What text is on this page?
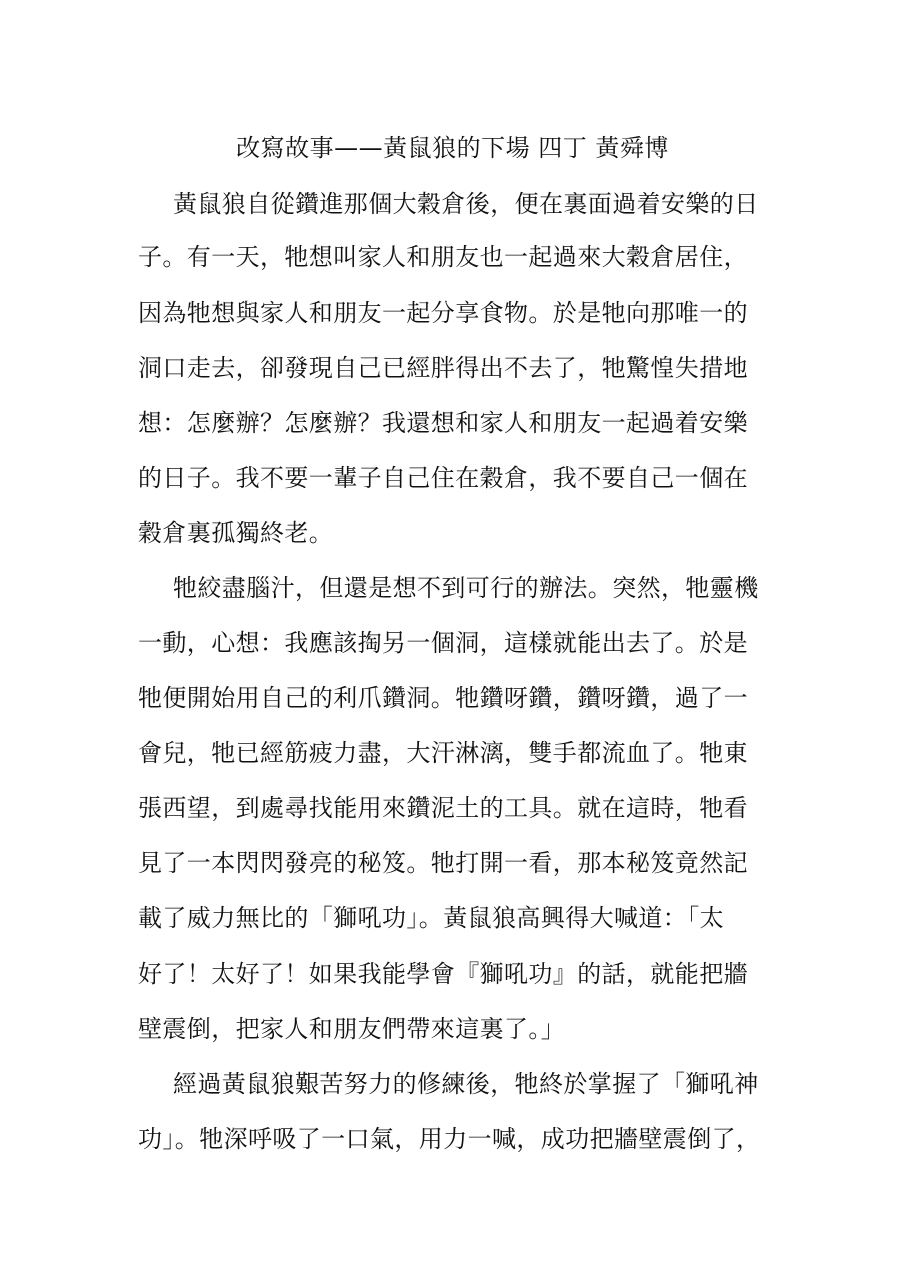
改寫故事——黃鼠狼的下場 四丁 黃舜博
黃鼠狼自從鑽進那個大穀倉後，便在裏面過着安樂的日
子。有一天，牠想叫家人和朋友也一起過來大穀倉居住，
因為牠想與家人和朋友一起分享食物。於是牠向那唯一的
洞口走去，卻發現自己已經胖得出不去了，牠驚惶失措地
想：怎麼辦？怎麼辦？我還想和家人和朋友一起過着安樂
的日子。我不要一輩子自己住在穀倉，我不要自己一個在
穀倉裏孤獨終老。
牠絞盡腦汁，但還是想不到可行的辦法。突然，牠靈機
一動，心想：我應該掏另一個洞，這樣就能出去了。於是
牠便開始用自己的利爪鑽洞。牠鑽呀鑽，鑽呀鑽，過了一
會兒，牠已經筋疲力盡，大汗淋漓，雙手都流血了。牠東
張西望，到處尋找能用來鑽泥土的工具。就在這時，牠看
見了一本閃閃發亮的秘笈。牠打開一看，那本秘笈竟然記
載了威力無比的「獅吼功」。黃鼠狼高興得大喊道：「太
好了！太好了！如果我能學會『獅吼功』的話，就能把牆
壁震倒，把家人和朋友們帶來這裏了。」
經過黃鼠狼艱苦努力的修練後，牠終於掌握了「獅吼神
功」。牠深呼吸了一口氣，用力一喊，成功把牆壁震倒了，
